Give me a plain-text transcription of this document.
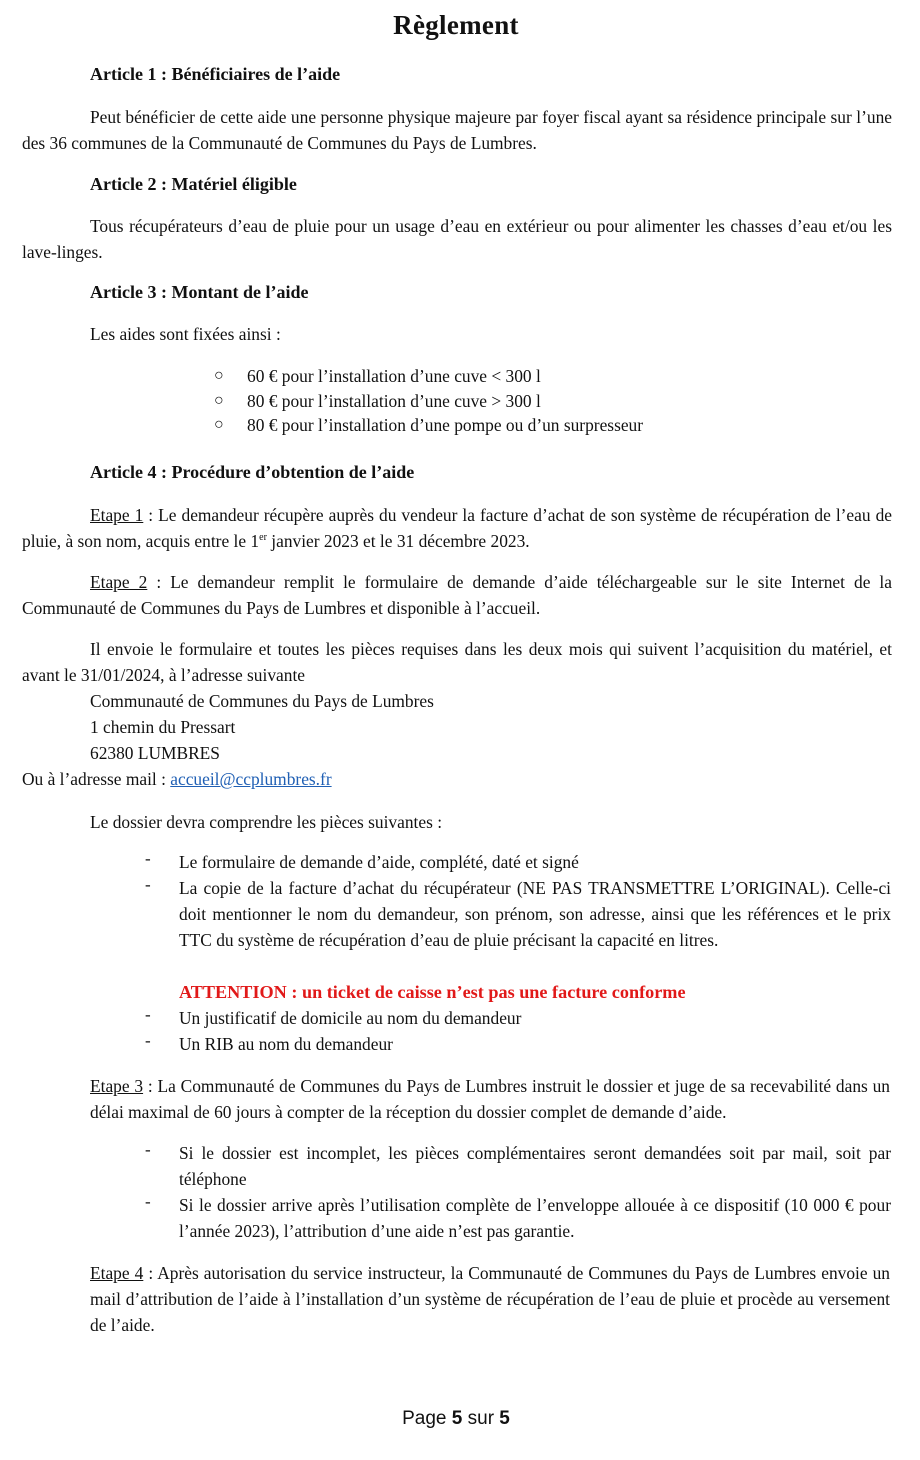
Règlement
Article 1 : Bénéficiaires de l’aide

Peut bénéficier de cette aide une personne physique majeure par foyer fiscal ayant sa résidence principale sur l’une des 36 communes de la Communauté de Communes du Pays de Lumbres.

Article 2 : Matériel éligible

Tous récupérateurs d’eau de pluie pour un usage d’eau en extérieur ou pour alimenter les chasses d’eau et/ou les lave-linges.

Article 3 : Montant de l’aide
Les aides sont fixées ainsi :
○ 60 € pour l’installation d’une cuve < 300 l
○ 80 € pour l’installation d’une cuve > 300 l
○ 80 € pour l’installation d’une pompe ou d’un surpresseur
Article 4 : Procédure d’obtention de l’aide

Etape 1 : Le demandeur récupère auprès du vendeur la facture d’achat de son système de récupération de l’eau de pluie, à son nom, acquis entre le 1er janvier 2023 et le 31 décembre 2023.

Etape 2 : Le demandeur remplit le formulaire de demande d’aide téléchargeable sur le site Internet de la Communauté de Communes du Pays de Lumbres et disponible à l’accueil.

Il envoie le formulaire et toutes les pièces requises dans les deux mois qui suivent l’acquisition du matériel, et avant le 31/01/2024, à l’adresse suivante

Communauté de Communes du Pays de Lumbres
1 chemin du Pressart
62380 LUMBRES
Ou à l’adresse mail : accueil@ccplumbres.fr
Le dossier devra comprendre les pièces suivantes :
- Le formulaire de demande d’aide, complété, daté et signé

- La copie de la facture d’achat du récupérateur (NE PAS TRANSMETTRE L’ORIGINAL). Celle-ci doit mentionner le nom du demandeur, son prénom, son adresse, ainsi que les références et le prix TTC du système de récupération d’eau de pluie précisant la capacité en litres.

ATTENTION : un ticket de caisse n’est pas une facture conforme
- Un justificatif de domicile au nom du demandeur

- Un RIB au nom du demandeur

Etape 3 : La Communauté de Communes du Pays de Lumbres instruit le dossier et juge de sa recevabilité dans un délai maximal de 60 jours à compter de la réception du dossier complet de demande d’aide.

- Si le dossier est incomplet, les pièces complémentaires seront demandées soit par mail, soit par téléphone

- Si le dossier arrive après l’utilisation complète de l’enveloppe allouée à ce dispositif (10 000 € pour l’année 2023), l’attribution d’une aide n’est pas garantie.

Etape 4 : Après autorisation du service instructeur, la Communauté de Communes du Pays de Lumbres envoie un mail d’attribution de l’aide à l’installation d’un système de récupération de l’eau de pluie et procède au versement de l’aide.

Page 5 sur 5
